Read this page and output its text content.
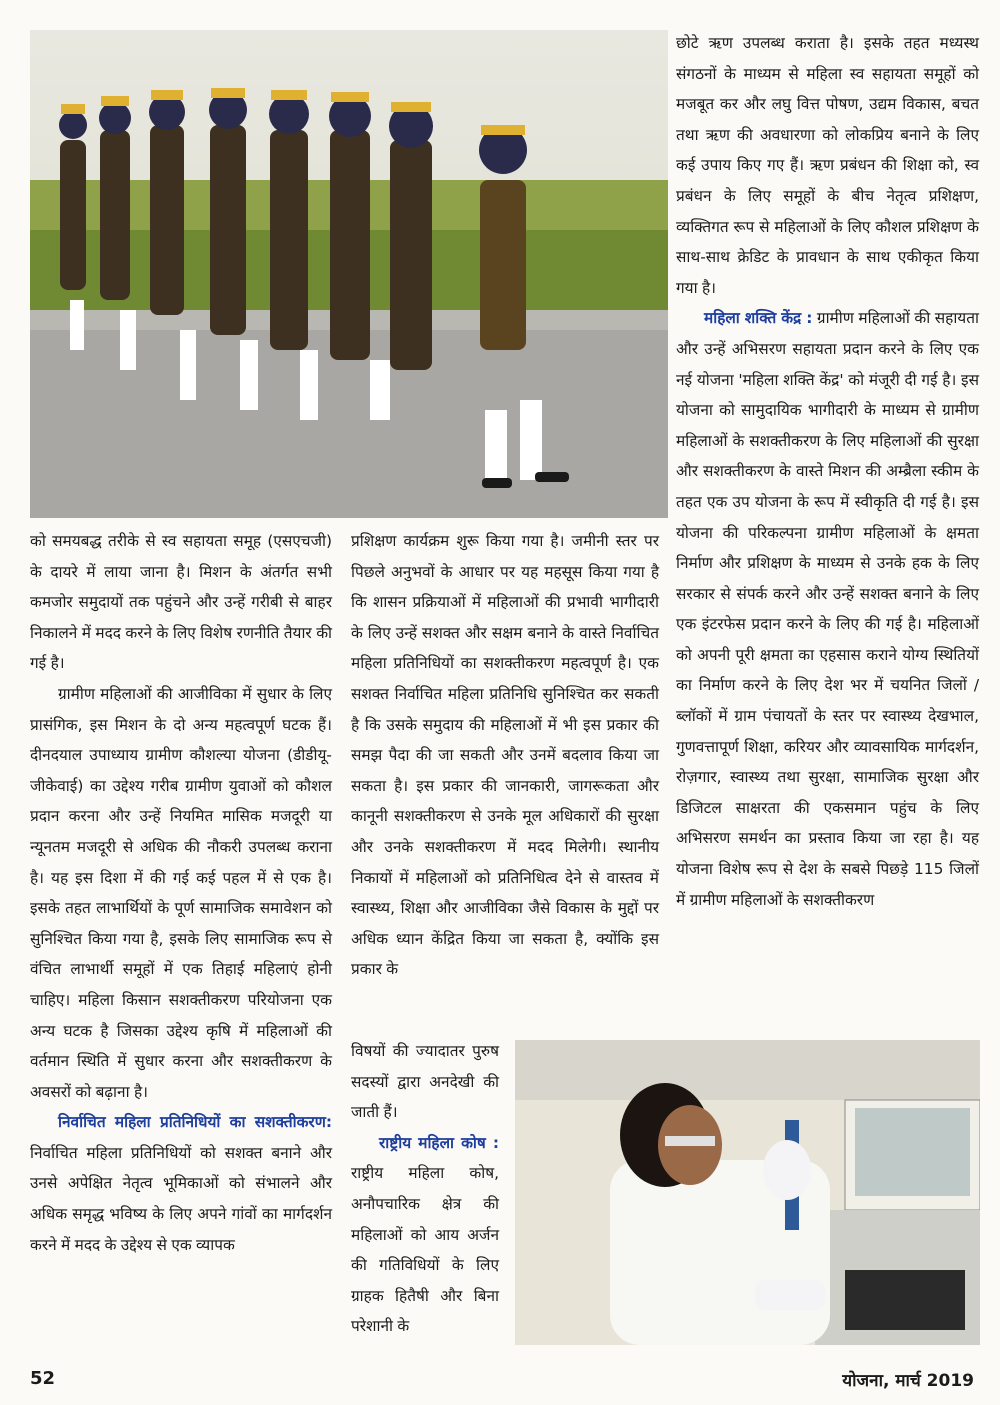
छोटे ऋण उपलब्ध कराता है। इसके तहत मध्यस्थ संगठनों के माध्यम से महिला स्व सहायता समूहों को मजबूत कर और लघु वित्त पोषण, उद्यम विकास, बचत तथा ऋण की अवधारणा को लोकप्रिय बनाने के लिए कई उपाय किए गए हैं। ऋण प्रबंधन की शिक्षा को, स्व प्रबंधन के लिए समूहों के बीच नेतृत्व प्रशिक्षण, व्यक्तिगत रूप से महिलाओं के लिए कौशल प्रशिक्षण के साथ-साथ क्रेडिट के प्रावधान के साथ एकीकृत किया गया है।

महिला शक्ति केंद्र : ग्रामीण महिलाओं की सहायता और उन्हें अभिसरण सहायता प्रदान करने के लिए एक नई योजना 'महिला शक्ति केंद्र' को मंजूरी दी गई है। इस योजना को सामुदायिक भागीदारी के माध्यम से ग्रामीण महिलाओं के सशक्तीकरण के लिए महिलाओं की सुरक्षा और सशक्तीकरण के वास्ते मिशन की अम्ब्रैला स्कीम के तहत एक उप योजना के रूप में स्वीकृति दी गई है। इस योजना की परिकल्पना ग्रामीण महिलाओं के क्षमता निर्माण और प्रशिक्षण के माध्यम से उनके हक के लिए सरकार से संपर्क करने और उन्हें सशक्त बनाने के लिए एक इंटरफेस प्रदान करने के लिए की गई है। महिलाओं को अपनी पूरी क्षमता का एहसास कराने योग्य स्थितियों का निर्माण करने के लिए देश भर में चयनित जिलों / ब्लॉकों में ग्राम पंचायतों के स्तर पर स्वास्थ्य देखभाल, गुणवत्तापूर्ण शिक्षा, करियर और व्यावसायिक मार्गदर्शन, रोज़गार, स्वास्थ्य तथा सुरक्षा, सामाजिक सुरक्षा और डिजिटल साक्षरता की एकसमान पहुंच के लिए अभिसरण समर्थन का प्रस्ताव किया जा रहा है। यह योजना विशेष रूप से देश के सबसे पिछड़े 115 जिलों में ग्रामीण महिलाओं के सशक्तीकरण

को समयबद्ध तरीके से स्व सहायता समूह (एसएचजी) के दायरे में लाया जाना है। मिशन के अंतर्गत सभी कमजोर समुदायों तक पहुंचने और उन्हें गरीबी से बाहर निकालने में मदद करने के लिए विशेष रणनीति तैयार की गई है।

ग्रामीण महिलाओं की आजीविका में सुधार के लिए प्रासंगिक, इस मिशन के दो अन्य महत्वपूर्ण घटक हैं। दीनदयाल उपाध्याय ग्रामीण कौशल्या योजना (डीडीयू-जीकेवाई) का उद्देश्य गरीब ग्रामीण युवाओं को कौशल प्रदान करना और उन्हें नियमित मासिक मजदूरी या न्यूनतम मजदूरी से अधिक की नौकरी उपलब्ध कराना है। यह इस दिशा में की गई कई पहल में से एक है। इसके तहत लाभार्थियों के पूर्ण सामाजिक समावेशन को सुनिश्चित किया गया है, इसके लिए सामाजिक रूप से वंचित लाभार्थी समूहों में एक तिहाई महिलाएं होनी चाहिए। महिला किसान सशक्तीकरण परियोजना एक अन्य घटक है जिसका उद्देश्य कृषि में महिलाओं की वर्तमान स्थिति में सुधार करना और सशक्तीकरण के अवसरों को बढ़ाना है।

निर्वाचित महिला प्रतिनिधियों का सशक्तीकरण: निर्वाचित महिला प्रतिनिधियों को सशक्त बनाने और उनसे अपेक्षित नेतृत्व भूमिकाओं को संभालने और अधिक समृद्ध भविष्य के लिए अपने गांवों का मार्गदर्शन करने में मदद के उद्देश्य से एक व्यापक

प्रशिक्षण कार्यक्रम शुरू किया गया है। जमीनी स्तर पर पिछले अनुभवों के आधार पर यह महसूस किया गया है कि शासन प्रक्रियाओं में महिलाओं की प्रभावी भागीदारी के लिए उन्हें सशक्त और सक्षम बनाने के वास्ते निर्वाचित महिला प्रतिनिधियों का सशक्तीकरण महत्वपूर्ण है। एक सशक्त निर्वाचित महिला प्रतिनिधि सुनिश्चित कर सकती है कि उसके समुदाय की महिलाओं में भी इस प्रकार की समझ पैदा की जा सकती और उनमें बदलाव किया जा सकता है। इस प्रकार की जानकारी, जागरूकता और कानूनी सशक्तीकरण से उनके मूल अधिकारों की सुरक्षा और उनके सशक्तीकरण में मदद मिलेगी। स्थानीय निकायों में महिलाओं को प्रतिनिधित्व देने से वास्तव में स्वास्थ्य, शिक्षा और आजीविका जैसे विकास के मुद्दों पर अधिक ध्यान केंद्रित किया जा सकता है, क्योंकि इस प्रकार के

विषयों की ज्यादातर पुरुष सदस्यों द्वारा अनदेखी की जाती हैं।

राष्ट्रीय महिला कोष : राष्ट्रीय महिला कोष, अनौपचारिक क्षेत्र की महिलाओं को आय अर्जन की गतिविधियों के लिए ग्राहक हितैषी और बिना परेशानी के

52	योजना, मार्च 2019
